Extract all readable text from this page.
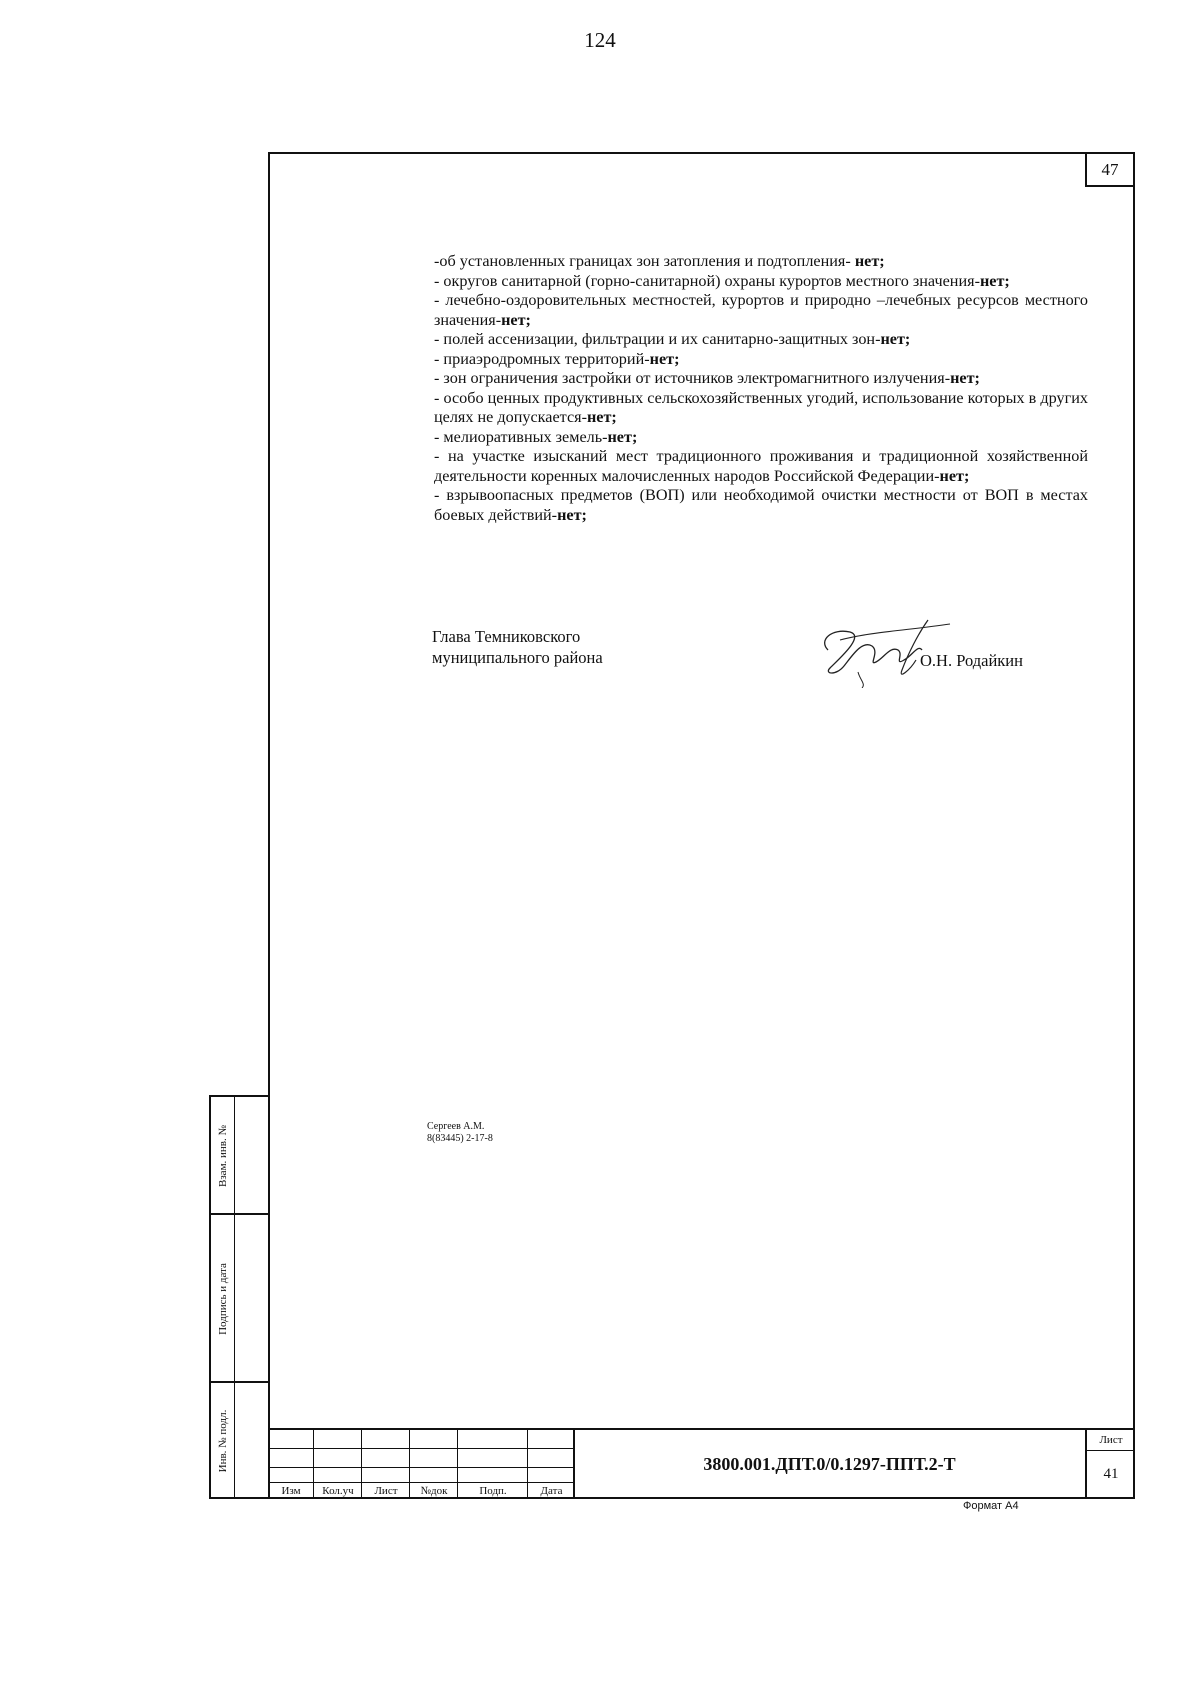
124
47

-об установленных границах зон затопления и подтопления- нет;

- округов санитарной (горно-санитарной) охраны курортов местного значения-нет;

- лечебно-оздоровительных местностей, курортов и природно –лечебных ресурсов местного значения-нет;

- полей ассенизации, фильтрации и их санитарно-защитных зон-нет;

- приаэродромных территорий-нет;

- зон ограничения застройки от источников электромагнитного излучения-нет;

- особо ценных продуктивных сельскохозяйственных угодий, использование которых в других целях не допускается-нет;

- мелиоративных земель-нет;

- на участке изысканий мест традиционного проживания и традиционной хозяйственной деятельности коренных малочисленных народов Российской Федерации-нет;

- взрывоопасных предметов (ВОП) или необходимой очистки местности от ВОП в местах боевых действий-нет;

Глава Темниковского
муниципального района	О.Н. Родайкин
Сергеев А.М.
8(83445) 2-17-8
Взам. инв. №
Подпись и дата
Инв. № подл.
Изм	Кол.уч	Лист	№док	Подп.	Дата
3800.001.ДПТ.0/0.1297-ППТ.2-Т
Лист
41
Формат А4
